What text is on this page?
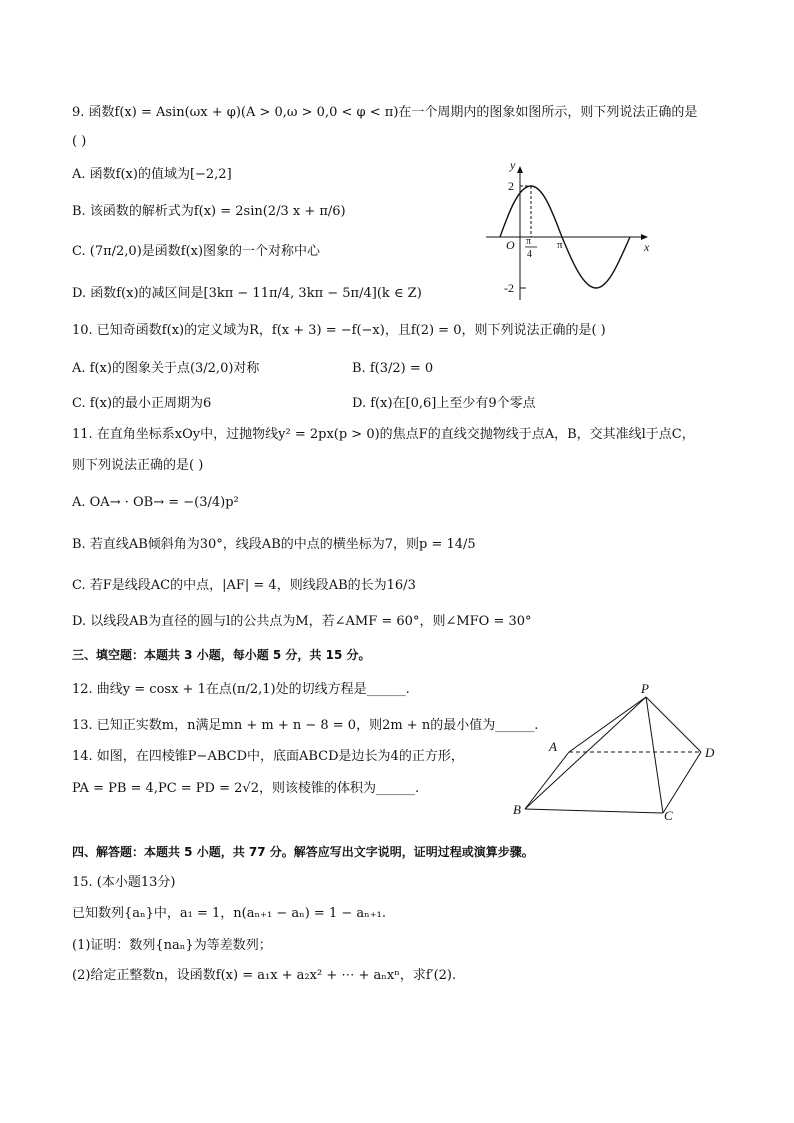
9. 函数f(x) = Asin(ωx + φ)(A > 0,ω > 0,0 < φ < π)在一个周期内的图象如图所示，则下列说法正确的是
( )
A. 函数f(x)的值域为[−2,2]
B. 该函数的解析式为f(x) = 2sin(2/3 x + π/6)
C. (7π/2,0)是函数f(x)图象的一个对称中心
D. 函数f(x)的减区间是[3kπ − 11π/4, 3kπ − 5π/4](k ∈ Z)
y
x
O
2
-2
π
4
π
10. 已知奇函数f(x)的定义域为R，f(x + 3) = −f(−x)，且f(2) = 0，则下列说法正确的是( )
A. f(x)的图象关于点(3/2,0)对称	B. f(3/2) = 0
C. f(x)的最小正周期为6	D. f(x)在[0,6]上至少有9个零点
11. 在直角坐标系xOy中，过抛物线y² = 2px(p > 0)的焦点F的直线交抛物线于点A，B，交其准线l于点C，
则下列说法正确的是( )
A. OA→ · OB→ = −(3/4)p²
B. 若直线AB倾斜角为30°，线段AB的中点的横坐标为7，则p = 14/5
C. 若F是线段AC的中点，|AF| = 4，则线段AB的长为16/3
D. 以线段AB为直径的圆与l的公共点为M，若∠AMF = 60°，则∠MFO = 30°
三、填空题：本题共 3 小题，每小题 5 分，共 15 分。
12. 曲线y = cosx + 1在点(π/2,1)处的切线方程是______.
13. 已知正实数m，n满足mn + m + n − 8 = 0，则2m + n的最小值为______.
14. 如图，在四棱锥P−ABCD中，底面ABCD是边长为4的正方形，
PA = PB = 4,PC = PD = 2√2，则该棱锥的体积为______.
P
A
B	C
D
四、解答题：本题共 5 小题，共 77 分。解答应写出文字说明，证明过程或演算步骤。
15. (本小题13分)
已知数列{aₙ}中，a₁ = 1，n(aₙ₊₁ − aₙ) = 1 − aₙ₊₁.
(1)证明：数列{naₙ}为等差数列；
(2)给定正整数n，设函数f(x) = a₁x + a₂x² + ⋯ + aₙxⁿ，求f′(2).
